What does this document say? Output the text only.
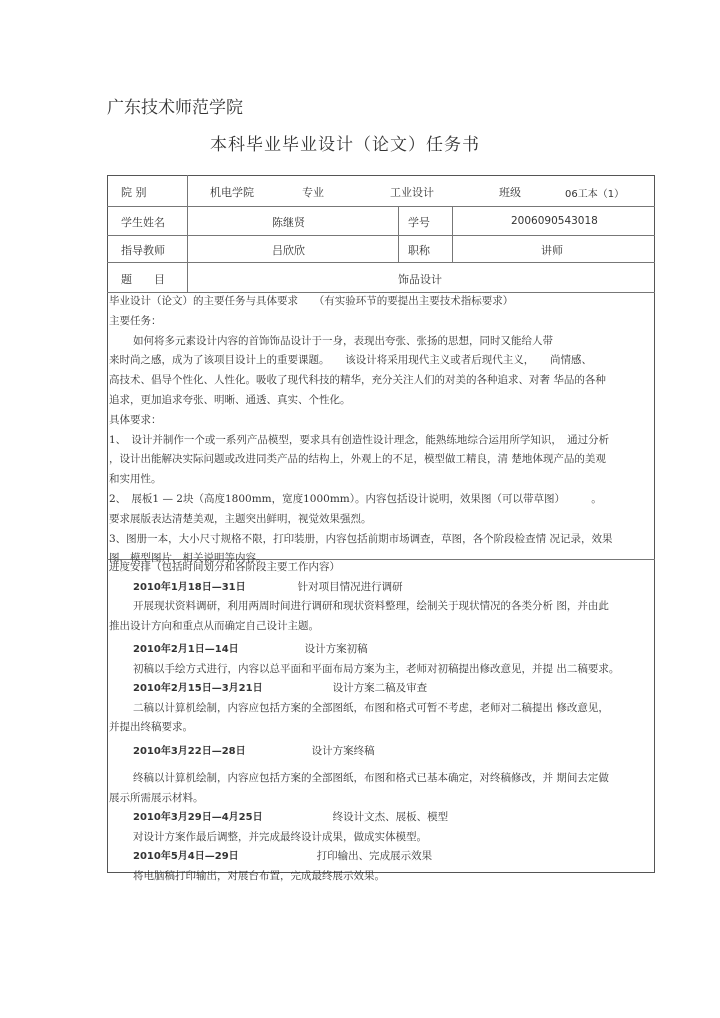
广东技术师范学院
本科毕业毕业设计（论文）任务书
院 别	机电学院	专业	工业设计	班级	06工本（1）
学生姓名	陈继贤	学号	2006090543018
指导教师	吕欣欣	职称	讲师
题　　目	饰品设计

毕业设计（论文）的主要任务与具体要求　　 （有实验环节的要提出主要技术指标要求）

主要任务：

如何将多元素设计内容的首饰饰品设计于一身，表现出夸张、张扬的思想，同时又能给人带

来时尚之感，成为了该项目设计上的重要课题。　　该设计将采用现代主义或者后现代主义，　　尚情感、

高技术、倡导个性化、人性化。吸收了现代科技的精华，充分关注人们的对美的各种追求、对奢 华品的各种

追求，更加追求夸张、明晰、通透、真实、个性化。

具体要求：

1、　设计并制作一个或一系列产品模型，要求具有创造性设计理念，能熟练地综合运用所学知识，　通过分析

，设计出能解决实际问题或改进同类产品的结构上，外观上的不足，模型做工精良，清 楚地体现产品的美观

和实用性。

2、　展板1 — 2块（高度1800mm，宽度1000mm）。内容包括设计说明，效果图（可以带草图）　　　。

要求展版表达清楚美观，主题突出鲜明，视觉效果强烈。

3、图册一本，大小尺寸规格不限，打印装册，内容包括前期市场调查，草图，各个阶段检查情 况记录，效果

图，模型图片，相关说明等内容。

进度安排（包括时间划分和各阶段主要工作内容）

2010年1月18日—31日	针对项目情况进行调研

开展现状资料调研，利用两周时间进行调研和现状资料整理，绘制关于现状情况的各类分析 图，并由此

推出设计方向和重点从而确定自己设计主题。

2010年2月1日—14日	设计方案初稿

初稿以手绘方式进行，内容以总平面和平面布局方案为主，老师对初稿提出修改意见，并提 出二稿要求。

2010年2月15日—3月21日	设计方案二稿及审查

二稿以计算机绘制，内容应包括方案的全部图纸，布图和格式可暂不考虑，老师对二稿提出 修改意见，

并提出终稿要求。

2010年3月22日—28日	设计方案终稿

终稿以计算机绘制，内容应包括方案的全部图纸，布图和格式已基本确定，对终稿修改，并 期间去定做

展示所需展示材料。

2010年3月29日—4月25日	终设计文杰、展板、模型

对设计方案作最后调整，并完成最终设计成果，做成实体模型。

2010年5月4日—29日	打印输出、完成展示效果

将电脑稿打印输出，对展台布置，完成最终展示效果。
